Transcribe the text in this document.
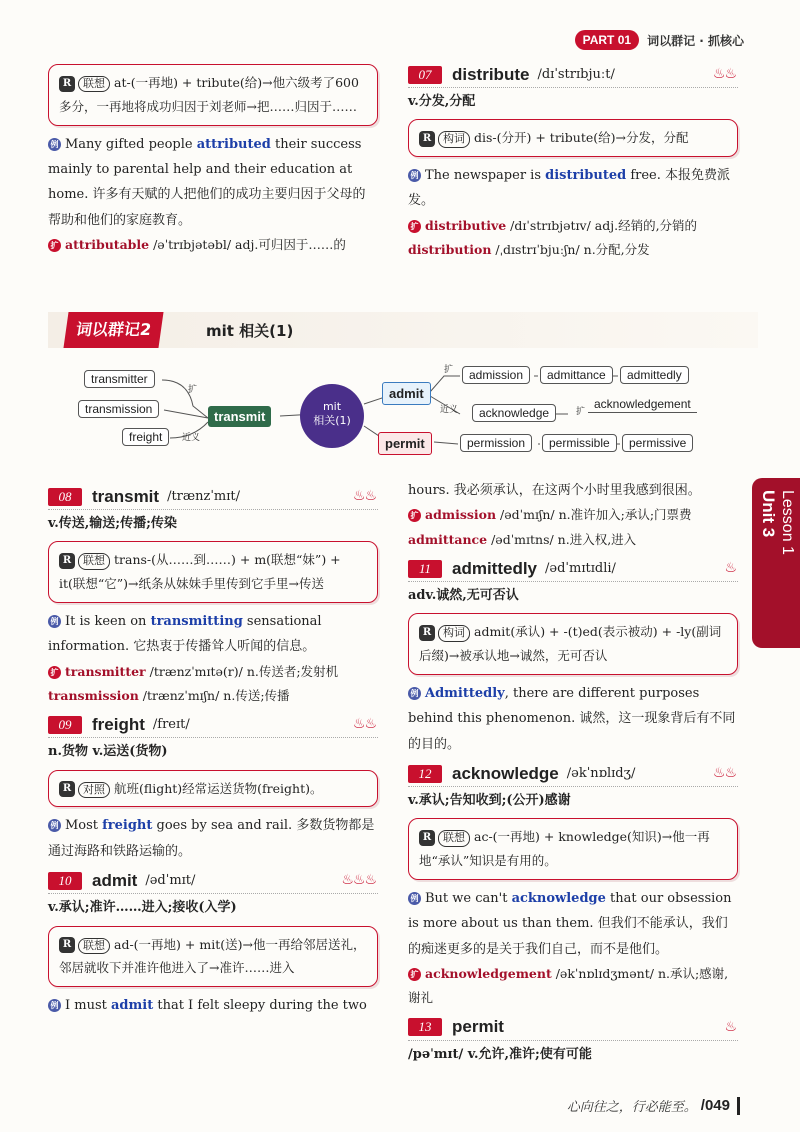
PART 01	词以群记 · 抓核心
R 联想 at-(一再地) + tribute(给)→他六级考了600多分，一再地将成功归因于刘老师→把……归因于……

例 Many gifted people attributed their success mainly to parental help and their education at home. 许多有天赋的人把他们的成功主要归因于父母的帮助和他们的家庭教育。

扩 attributable /əˈtrɪbjətəbl/ adj.可归因于……的

07	distribute /dɪˈstrɪbjuːt/	♨♨
v.分发,分配
R 构词 dis-(分开) + tribute(给)→分发，分配

例 The newspaper is distributed free. 本报免费派发。

扩 distributive /dɪˈstrɪbjətɪv/ adj.经销的,分销的
distribution /ˌdɪstrɪˈbjuːʃn/ n.分配,分发

词以群记2	mit 相关(1)
transmitter
transmission
freight
扩
近义
transmit
mit
相关(1)
admit
permit
扩
近义
admission	admittance	admittedly
acknowledge	扩
acknowledgement
permission	permissible	permissive
08	transmit /trænzˈmɪt/	♨♨
v.传送,输送;传播;传染
R 联想 trans-(从……到……) + m(联想“妹”) + it(联想“它”)→纸条从妹妹手里传到它手里→传送

例 It is keen on transmitting sensational information. 它热衷于传播耸人听闻的信息。

扩 transmitter /trænzˈmɪtə(r)/ n.传送者;发射机
transmission /trænzˈmɪʃn/ n.传送;传播

09	freight /freɪt/	♨♨
n.货物 v.运送(货物)
R 对照 航班(flight)经常运送货物(freight)。

例 Most freight goes by sea and rail. 多数货物都是通过海路和铁路运输的。

10	admit /ədˈmɪt/	♨♨♨
v.承认;准许……进入;接收(入学)
R 联想 ad-(一再地) + mit(送)→他一再给邻居送礼，邻居就收下并准许他进入了→准许……进入

例 I must admit that I felt sleepy during the two

hours. 我必须承认，在这两个小时里我感到很困。

扩 admission /ədˈmɪʃn/ n.准许加入;承认;门票费
admittance /ədˈmɪtns/ n.进入权,进入

11	admittedly /ədˈmɪtɪdli/	♨
adv.诚然,无可否认
R 构词 admit(承认) + -(t)ed(表示被动) + -ly(副词后缀)→被承认地→诚然，无可否认

例 Admittedly, there are different purposes behind this phenomenon. 诚然，这一现象背后有不同的目的。

12	acknowledge /əkˈnɒlɪdʒ/	♨♨
v.承认;告知收到;(公开)感谢
R 联想 ac-(一再地) + knowledge(知识)→他一再地“承认”知识是有用的。

例 But we can't acknowledge that our obsession is more about us than them. 但我们不能承认，我们的痴迷更多的是关于我们自己，而不是他们。

扩 acknowledgement /əkˈnɒlɪdʒmənt/ n.承认;感谢,谢礼

13	permit	♨
/pəˈmɪt/ v.允许,准许;使有可能
Unit 3 Lesson 1
心向往之，行必能至。 /049
